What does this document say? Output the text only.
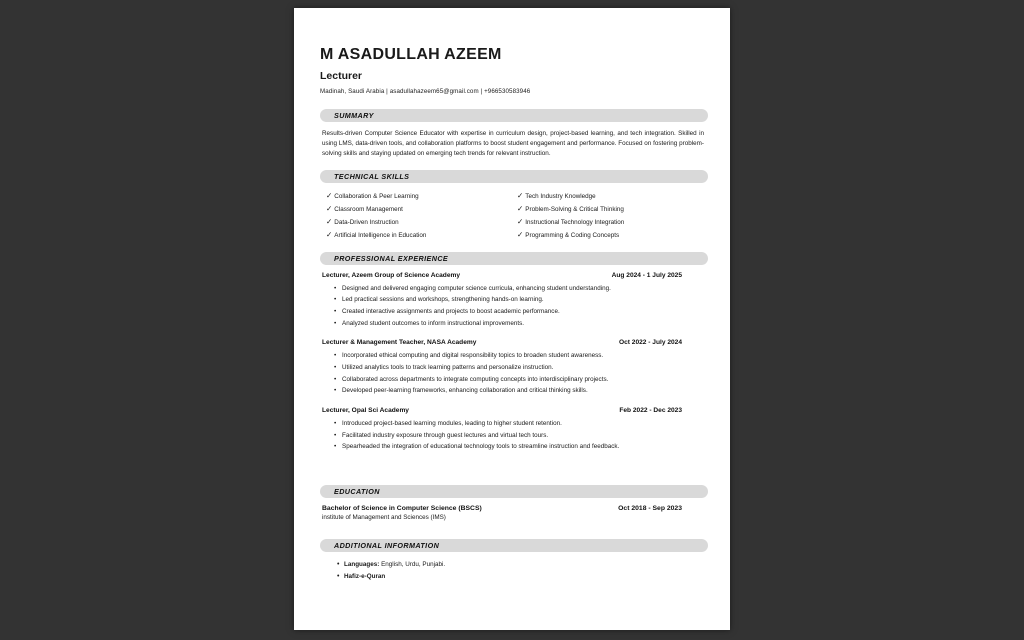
M ASADULLAH AZEEM
Lecturer
Madinah, Saudi Arabia | asadullahazeem65@gmail.com | +966530583946
SUMMARY

Results-driven Computer Science Educator with expertise in curriculum design, project-based learning, and tech integration. Skilled in using LMS, data-driven tools, and collaboration platforms to boost student engagement and performance. Focused on fostering problem-solving skills and staying updated on emerging tech trends for relevant instruction.

TECHNICAL SKILLS
✓ Collaboration & Peer Learning
✓ Classroom Management
✓ Data-Driven Instruction
✓ Artificial Intelligence in Education
✓ Tech Industry Knowledge
✓ Problem-Solving & Critical Thinking
✓ Instructional Technology Integration
✓ Programming & Coding Concepts
PROFESSIONAL EXPERIENCE
Lecturer, Azeem Group of Science Academy	Aug 2024 - 1 July 2025
• Designed and delivered engaging computer science curricula, enhancing student understanding.
• Led practical sessions and workshops, strengthening hands-on learning.
• Created interactive assignments and projects to boost academic performance.
• Analyzed student outcomes to inform instructional improvements.
Lecturer & Management Teacher, NASA Academy	Oct 2022 - July 2024
• Incorporated ethical computing and digital responsibility topics to broaden student awareness.
• Utilized analytics tools to track learning patterns and personalize instruction.
• Collaborated across departments to integrate computing concepts into interdisciplinary projects.
• Developed peer-learning frameworks, enhancing collaboration and critical thinking skills.
Lecturer, Opal Sci Academy	Feb 2022 - Dec 2023
• Introduced project-based learning modules, leading to higher student retention.
• Facilitated industry exposure through guest lectures and virtual tech tours.
• Spearheaded the integration of educational technology tools to streamline instruction and feedback.
EDUCATION
Bachelor of Science in Computer Science (BSCS)	Oct 2018 - Sep 2023
institute of Management and Sciences (IMS)
ADDITIONAL INFORMATION
• Languages: English, Urdu, Punjabi.
• Hafiz-e-Quran
